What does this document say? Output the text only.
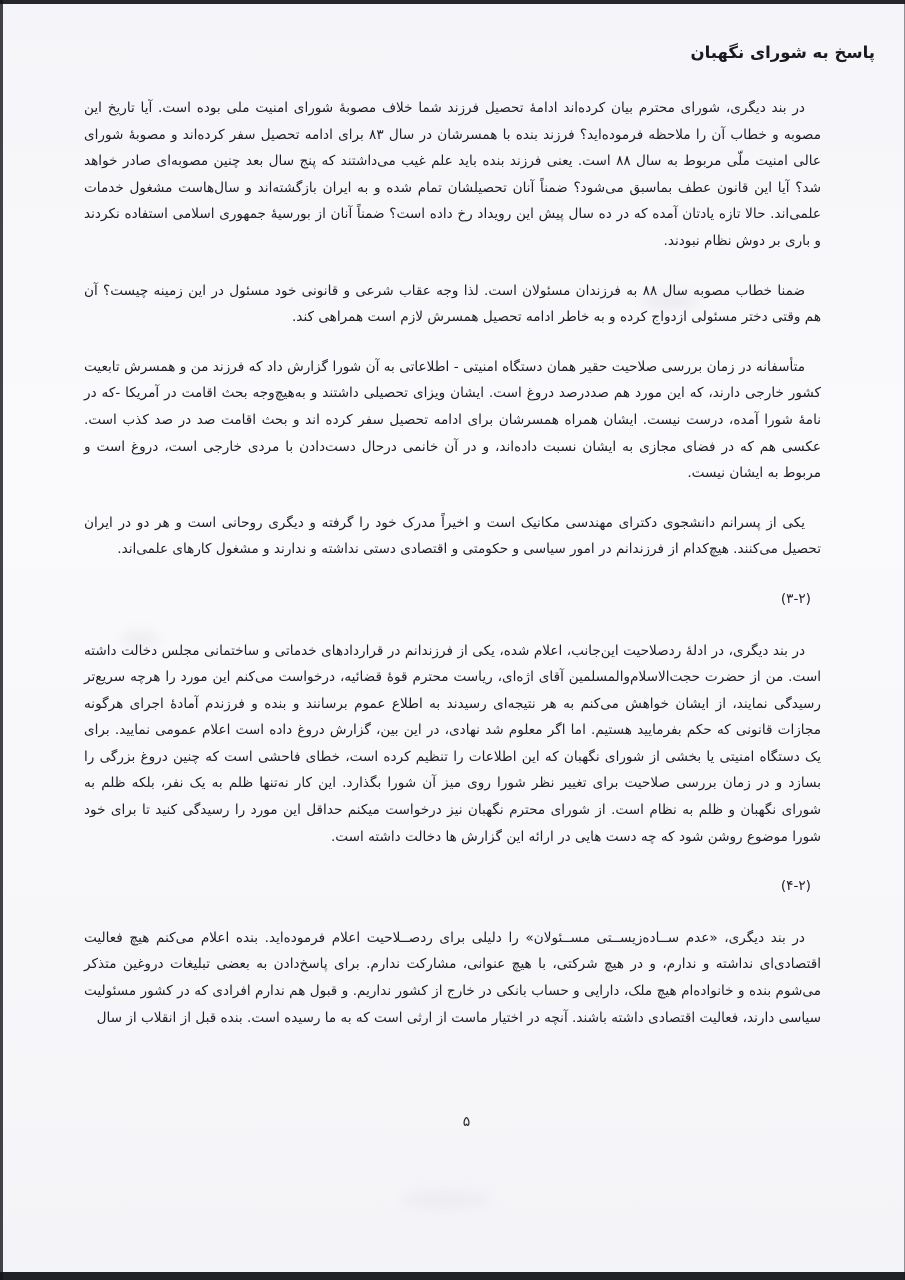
پاسخ به شورای نگهبان

در بند دیگری، شورای محترم بیان کرده‌اند ادامهٔ تحصیل فرزند شما خلاف مصوبهٔ شورای امنیت ملی بوده است. آیا تاریخ این مصوبه و خطاب آن را ملاحظه فرموده‌اید؟ فرزند بنده با همسرشان در سال ۸۳ برای ادامه تحصیل سفر کرده‌اند و مصوبهٔ شورای عالی امنیت ملّی مربوط به سال ۸۸ است. یعنی فرزند بنده باید علم غیب می‌داشتند که پنج سال بعد چنین مصوبه‌ای صادر خواهد شد؟ آیا این قانون عطف بماسبق می‌شود؟ ضمناً آنان تحصیلشان تمام شده و به ایران بازگشته‌اند و سال‌هاست مشغول خدمات علمی‌اند. حالا تازه یادتان آمده که در ده سال پیش این رویداد رخ داده است؟ ضمناً آنان از بورسیهٔ جمهوری اسلامی استفاده نکردند و باری بر دوش نظام نبودند.

ضمنا خطاب مصوبه سال ۸۸ به فرزندان مسئولان است. لذا وجه عقاب شرعی و قانونی خود مسئول در این زمینه چیست؟ آن هم وقتی دختر مسئولی ازدواج کرده و به خاطر ادامه تحصیل همسرش لازم است همراهی کند.

متأسفانه در زمان بررسی صلاحیت حقیر همان دستگاه امنیتی - اطلاعاتی به آن شورا گزارش داد که فرزند من و همسرش تابعیت کشور خارجی دارند، که این مورد هم صددرصد دروغ است. ایشان ویزای تحصیلی داشتند و به‌هیچ‌وجه بحث اقامت در آمریکا -که در نامهٔ شورا آمده، درست نیست. ایشان همراه همسرشان برای ادامه تحصیل سفر کرده اند و بحث اقامت صد در صد کذب است. عکسی هم که در فضای مجازی به ایشان نسبت داده‌اند، و در آن خانمی درحال دست‌دادن با مردی خارجی است، دروغ است و مربوط به ایشان نیست.

یکی از پسرانم دانشجوی دکترای مهندسی مکانیک است و اخیراً مدرک خود را گرفته و دیگری روحانی است و هر دو در ایران تحصیل می‌کنند. هیچ‌کدام از فرزندانم در امور سیاسی و حکومتی و اقتصادی دستی نداشته و ندارند و مشغول کارهای علمی‌اند.

(۳-۲)

در بند دیگری، در ادلهٔ ردصلاحیت این‌جانب، اعلام شده، یکی از فرزندانم در قراردادهای خدماتی و ساختمانی مجلس دخالت داشته است. من از حضرت حجت‌الاسلام‌والمسلمین آقای اژه‌ای، ریاست محترم قوهٔ قضائیه، درخواست می‌کنم این مورد را هرچه سریع‌تر رسیدگی نمایند، از ایشان خواهش می‌کنم به هر نتیجه‌ای رسیدند به اطلاع عموم برسانند و بنده و فرزندم آمادهٔ اجرای هرگونه مجازات قانونی که حکم بفرمایید هستیم. اما اگر معلوم شد نهادی، در این بین، گزارش دروغ داده است اعلام عمومی نمایید. برای یک دستگاه امنیتی یا بخشی از شورای نگهبان که این اطلاعات را تنظیم کرده است، خطای فاحشی است که چنین دروغ بزرگی را بسازد و در زمان بررسی صلاحیت برای تغییر نظر شورا روی میز آن شورا بگذارد. این کار نه‌تنها ظلم به یک نفر، بلکه ظلم به شورای نگهبان و ظلم به نظام است. از شورای محترم نگهبان نیز درخواست میکنم حداقل این مورد را رسیدگی کنید تا برای خود شورا موضوع روشن شود که چه دست هایی در ارائه این گزارش ها دخالت داشته است.

(۴-۲)

در بند دیگری، «عدم ســاده‌زیســتی مســئولان» را دلیلی برای ردصــلاحیت اعلام فرموده‌اید. بنده اعلام می‌کنم هیچ فعالیت اقتصادی‌ای نداشته و ندارم، و در هیچ شرکتی، با هیچ عنوانی، مشارکت ندارم. برای پاسخ‌دادن به بعضی تبلیغات دروغین متذکر می‌شوم بنده و خانواده‌ام هیچ ملک، دارایی و حساب بانکی در خارج از کشور نداریم. و قبول هم ندارم افرادی که در کشور مسئولیت سیاسی دارند، فعالیت اقتصادی داشته باشند. آنچه در اختیار ماست از ارثی است که به ما رسیده است. بنده قبل از انقلاب از سال

۵
